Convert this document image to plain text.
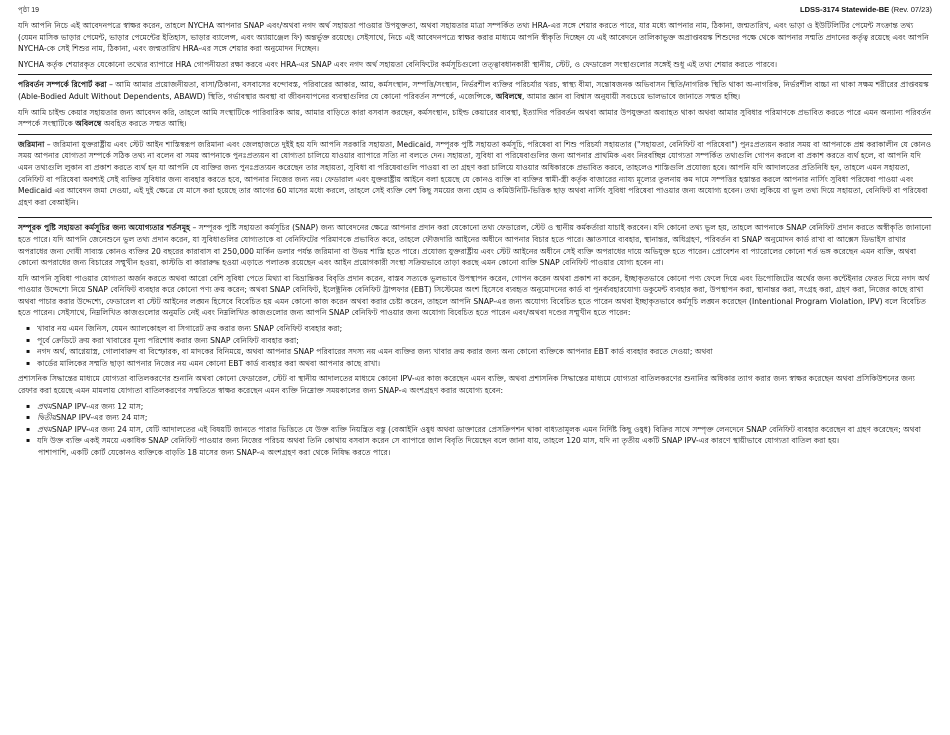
পৃষ্ঠা 19	LDSS-3174 Statewide-BE (Rev. 07/23)

যদি আপনি নিচে এই আবেদনপত্রে স্বাক্ষর করেন, তাহলে NYCHA আপনার SNAP এবং/অথবা নগদ অর্থ সহায়তা পাওয়ার উপযুক্ততা, অথবা সহায়তার মাত্রা সম্পর্কিত তথ্য HRA-এর সঙ্গে শেয়ার করতে পারে, যার মধ্যে আপনার নাম, ঠিকানা, জন্মতারিখ, এবং ভাড়া ও ইউটিলিটির পেমেন্ট সংক্রান্ত তথ্য (যেমন মাসিক ভাড়ার পেমেন্ট, ভাড়ার পেমেন্টের ইতিহাস, ভাড়ার ব্যালেন্স, এবং অ্যায়াঞ্জেল ফি) অন্তর্ভুক্ত রয়েছে। সেইসাথে, নিচে এই আবেদনপত্রে স্বাক্ষর করার মাধ্যমে আপনি স্বীকৃতি দিচ্ছেন যে এই আবেদনে তালিকাভুক্ত অপ্রাপ্তবয়স্ক শিশুদের পক্ষে থেকে আপনার সম্মতি প্রদানের কর্তৃত্ব রয়েছে এবং আপনি NYCHA-কে সেই শিশুর নাম, ঠিকানা, এবং জন্মতারিখ HRA-এর সঙ্গে শেয়ার করা অনুমোদন দিচ্ছেন।

NYCHA কর্তৃক শেয়ারকৃত যেকোনো তথ্যের ব্যাপারে HRA গোপনীয়তা রক্ষা করবে এবং HRA-এর SNAP এবং নগদ অর্থ সহায়তা বেনিফিটের কর্মসূচিগুলো তত্ত্বাবধানকারী স্থানীয়, স্টেট, ও ফেডারেল সংস্থাগুলোর সঙ্গেই শুধু এই তথ্য শেয়ার করতে পারবে।

পরিবর্তন সম্পর্কে রিপোর্ট করা – আমি আমার প্রয়োজনীয়তা, বাসা/ঠিকানা, বসবাসের বন্দোবস্ত, পরিবারের আকার, আয়, কর্মসংস্থান, সম্পত্তি/সংস্থান, নির্ভরশীল ব্যক্তির পরিচর্যার খরচ, স্বাস্থ্য বীমা, সন্তোষজনক অভিবাসন স্থিতি/নাগরিক স্থিতি থাকা অ-নাগরিক, নির্ভরশীল বাচ্চা না থাকা সক্ষম শরীরের প্রাপ্তবয়স্ক (Able-Bodied Adult Without Dependents, ABAWD) স্থিতি, গর্ভাবস্থার অবস্থা বা জীবনযাপনের ব্যবস্থাগুলির যে কোনো পরিবর্তন সম্পর্কে, এজেন্সিকে, অবিলম্বে, আমার জ্ঞান বা বিশ্বাস অনুযায়ী সবচেয়ে ভালভাবে জানাতে সম্মত হচ্ছি।

যদি আমি চাইল্ড কেয়ার সহায়তার জন্য আবেদন করি, তাহলে আমি সংস্থাটিকে পারিবারিক আয়, আমার বাড়িতে কারা বসবাস করছেন, কর্মসংস্থান, চাইল্ড কেয়ারের ব্যবস্থা, ইত্যাদির পরিবর্তন অথবা আমার উপযুক্ততা অব্যাহত থাকা অথবা আমার সুবিধার পরিমাণকে প্রভাবিত করতে পারে এমন অন্যান্য পরিবর্তন সম্পর্কে সংস্থাটিকে অবিলম্বে অবহিত করতে সম্মত আছি।

জরিমানা – জরিমানা যুক্তরাষ্ট্রীয় এবং স্টেট আইন শাস্তিস্বরূপ জরিমানা এবং জেলহাজতে দুইই হয় যদি আপনি সরকারি সহায়তা, Medicaid, সম্পূরক পুষ্টি সহায়তা কর্মসূচি, পরিষেবা বা শিশু পরিচর্যা সহায়তার ("সহায়তা, বেনিফিট বা পরিষেবা") পুনঃপ্রত্যয়ন করার সময় বা আপনাকে প্রশ্ন করাকালীন যে কোনও সময় আপনার যোগ্যতা সম্পর্কে সঠিক তথ্য না বলেন বা সময় আপনাকে পুনঃপ্রত্যয়ন বা যোগ্যতা চালিয়ে যাওয়ার ব্যাপারে সত্যি না বলতে দেন। সহায়তা, সুবিধা বা পরিষেবাগুলির জন্য আপনার প্রাথমিক এবং নিরবচ্ছিন্ন যোগ্যতা সম্পর্কিত তথ্যগুলি গোপন করলে বা প্রকাশ করতে ব্যর্থ হলে, বা আপনি যদি এমন তথ্যগুলি লুকান বা প্রকাশ করতে ব্যর্থ হন যা আপনি যে ব্যক্তির জন্য পুনঃপ্রত্যয়ন করেছেন তার সহায়তা, সুবিধা বা পরিষেবাগুলি পাওয়া বা তা গ্রহণ করা চালিয়ে যাওয়ার অধিকারকে প্রভাবিত করবে, তাহলেও শাস্তিগুলি প্রযোজ্য হবে। আপনি যদি আদালতের প্রতিনিধি হন, তাহলে এমন সহায়তা, বেনিফিট বা পরিষেবা অবশ্যই সেই ব্যক্তির সুবিধার জন্য ব্যবহার করতে হবে, আপনার নিজের জন্য নয়। ফেডারাল এবং যুক্তরাষ্ট্রীয় আইনে বলা হয়েছে যে কোনও ব্যক্তি বা ব্যক্তির স্বামী-স্ত্রী কর্তৃক বাজারের ন্যায্য মূল্যের তুলনায় কম দামে সম্পত্তির হস্তান্তর করলে আপনার নার্সিং সুবিধা পরিষেবা পাওয়া এবং Medicaid এর আবেদন জমা দেওয়া, এই দুই ক্ষেত্রে যে মাসে করা হয়েছে তার আগের 60 মাসের মধ্যে করলে, তাহলে সেই ব্যক্তি বেশ কিছু সময়ের জন্য হোম ও কমিউনিটি-ভিত্তিক ছাড় অথবা নার্সিং সুবিধা পরিষেবা পাওয়ার জন্য অযোগ্য হবেন। তথ্য লুকিয়ে বা ভুল তথ্য দিয়ে সহায়তা, বেনিফিট বা পরিষেবা গ্রহণ করা বেআইনি।

সম্পূরক পুষ্টি সহায়তা কর্মসূচির জন্য অযোগ্যতার শর্তসমূহ – সম্পূরক পুষ্টি সহায়তা কর্মসূচির (SNAP) জন্য আবেদনের ক্ষেত্রে আপনার প্রদান করা যেকোনো তথ্য ফেডারেল, স্টেট ও স্থানীয় কর্মকর্তারা যাচাই করবেন। যদি কোনো তথ্য ভুল হয়, তাহলে আপনাকে SNAP বেনিফিট প্রদান করতে অস্বীকৃতি জানানো হতে পারে। যদি আপনি জেনেশুনে ভুল তথ্য প্রদান করেন, যা সুবিধাগুলির যোগ্যতাকে বা বেনিফিটের পরিমাণকে প্রভাবিত করে, তাহলে ফৌজদারি আইনের অধীনে আপনার বিচার হতে পারে। জ্ঞাতসারে ব্যবহার, স্থানান্তর, অধিগ্রহণ, পরিবর্তন বা SNAP অনুমোদন কার্ড রাখা বা আক্সেস ডিভাইস রাখার অপরাধের জন্য দোষী সাব্যস্ত কোনও ব্যক্তির 20 বছরের কারাবাস বা 250,000 মার্কিন ডলার পর্যন্ত জরিমানা বা উভয় শাস্তি হতে পারে। প্রযোজ্য যুক্তরাষ্ট্রীয় এবং স্টেট আইনের অধীনে সেই ব্যক্তি অপরাধের দায়ে অভিযুক্ত হতে পারেন। প্রোবেশন বা প্যারোলের কোনো শর্ত ভঙ্গ করেছেন এমন ব্যক্তি, অথবা কোনো অপরাধের জন্য বিচারের সম্মুখীন হওয়া, কাস্টডি বা কারারুদ্ধ হওয়া এড়াতে পলাতক রয়েছেন এবং আইন প্রয়োগকারী সংস্থা সক্রিয়ভাবে তাড়া করছে এমন কোনো ব্যক্তি SNAP বেনিফিট পাওয়ার যোগ্য হবেন না।

যদি আপনি সুবিধা পাওয়ার যোগ্যতা অর্জন করতে অথবা আরো বেশি সুবিধা পেতে মিথ্যা বা বিভ্রান্তিকর বিবৃতি প্রদান করেন, বাস্তব সত্যকে ভুলভাবে উপস্থাপন করেন, গোপন করেন অথবা প্রকাশ না করেন, ইচ্ছাকৃতভাবে কোনো পণ্য ফেলে দিয়ে এবং ডিপোজিটের অর্থের জন্য কন্টেইনার ফেরত দিয়ে নগদ অর্থ পাওয়ার উদ্দেশ্যে নিয়ে SNAP বেনিফিট ব্যবহার করে কোনো পণ্য ক্রয় করেন; অথবা SNAP বেনিফিট, ইলেক্ট্রনিক বেনিফিট ট্রান্সফার (EBT) সিস্টেমের অংশ হিসেবে ব্যবহৃত অনুমোদনের কার্ড বা পুনর্ব্যবহারযোগ্য ডকুমেন্ট ব্যবহার করা, উপস্থাপন করা, স্থানান্তর করা, সংগ্রহ করা, গ্রহণ করা, নিজের কাছে রাখা অথবা পাচার করার উদ্দেশ্যে, ফেডারেল বা স্টেট আইনের লঙ্ঘন হিসেবে বিবেচিত হয় এমন কোনো কাজ করেন অথবা করার চেষ্টা করেন, তাহলে আপনি SNAP-এর জন্য অযোগ্য বিবেচিত হতে পারেন অথবা ইচ্ছাকৃতভাবে কর্মসূচি লঙ্ঘন করেছেন (Intentional Program Violation, IPV) বলে বিবেচিত হতে পারেন। সেইসাথে, নিম্নলিখিত কাজগুলোর অনুমতি নেই এবং নিম্নলিখিত কাজগুলোর জন্য আপনি SNAP বেনিফিট পাওয়ার জন্য অযোগ্য বিবেচিত হতে পারেন এবং/অথবা দণ্ডের সম্মুখীন হতে পারেন:

▪ খাবার নয় এমন জিনিস, যেমন অ্যালকোহল বা সিগারেট ক্রয় করার জন্য SNAP বেনিফিট ব্যবহার করা;
▪ পূর্বে ক্রেডিটে ক্রয় করা খাবারের মূল্য পরিশোধ করার জন্য SNAP বেনিফিট ব্যবহার করা;
▪ নগদ অর্থ, আগ্নেয়াস্ত্র, গোলাবারুদ বা বিস্ফোরক, বা মাদকের বিনিময়ে, অথবা আপনার SNAP পরিবারের সদস্য নয় এমন ব্যক্তির জন্য খাবার ক্রয় করার জন্য অন্য কোনো ব্যক্তিকে আপনার EBT কার্ড ব্যবহার করতে দেওয়া; অথবা
▪ কার্ডের মালিকের সম্মতি ছাড়া আপনার নিজের নয় এমন কোনো EBT কার্ড ব্যবহার করা অথবা আপনার কাছে রাখা।

প্রশাসনিক সিদ্ধান্তের মাধ্যমে যোগ্যতা বাতিলকরণের শুনানি অথবা কোনো ফেডারেল, স্টেট বা স্থানীয় আদালতের মাধ্যমে কোনো IPV-এর কাজ করেছেন এমন ব্যক্তি, অথবা প্রশাসনিক সিদ্ধান্তের মাধ্যমে যোগ্যতা বাতিলকরণের শুনানির অধিকার ত্যাগ করার জন্য স্বাক্ষর করেছেন অথবা প্রসিকিউশনের জন্য রেফার করা হয়েছে এমন মামলায় যোগ্যতা বাতিলকরণের সম্মতিতে স্বাক্ষর করেছেন এমন ব্যক্তি নিম্নোক্ত সময়কালের জন্য SNAP-এ অংশগ্রহণ করার অযোগ্য হবেন:

▪ প্রথমSNAP IPV-এর জন্য 12 মাস;
▪ দ্বিতীয়SNAP IPV-এর জন্য 24 মাস;
▪ প্রথমSNAP IPV-এর জন্য 24 মাস, যেটি আদালতের এই বিষয়টি জানতে পারার ভিত্তিতে যে উক্ত ব্যক্তি নিয়ন্ত্রিত বস্তু (বেআইনি ওষুধ অথবা ডাক্তারের প্রেসক্রিপশন থাকা বাধ্যতামূলক এমন নির্দিষ্ট কিছু ওষুধ) বিক্রির সাথে সম্পৃক্ত লেনদেনে SNAP বেনিফিট ব্যবহার করেছেন বা গ্রহণ করেছেন; অথবা
▪ যদি উক্ত ব্যক্তি একই সময়ে একাধিক SNAP বেনিফিট পাওয়ার জন্য নিজের পরিচয় অথবা তিনি কোথায় বসবাস করেন সে ব্যাপারে জাল বিবৃতি দিয়েছেন বলে জানা যায়, তাহলে 120 মাস, যদি না তৃতীয় একটি SNAP IPV-এর কারণে স্থায়ীভাবে যোগ্যতা বাতিল করা হয়।
পাশাপাশি, একটি কোর্ট যেকোনও ব্যক্তিকে বাড়তি 18 মাসের জন্য SNAP-এ অংশগ্রহণ করা থেকে নিষিদ্ধ করতে পারে।
